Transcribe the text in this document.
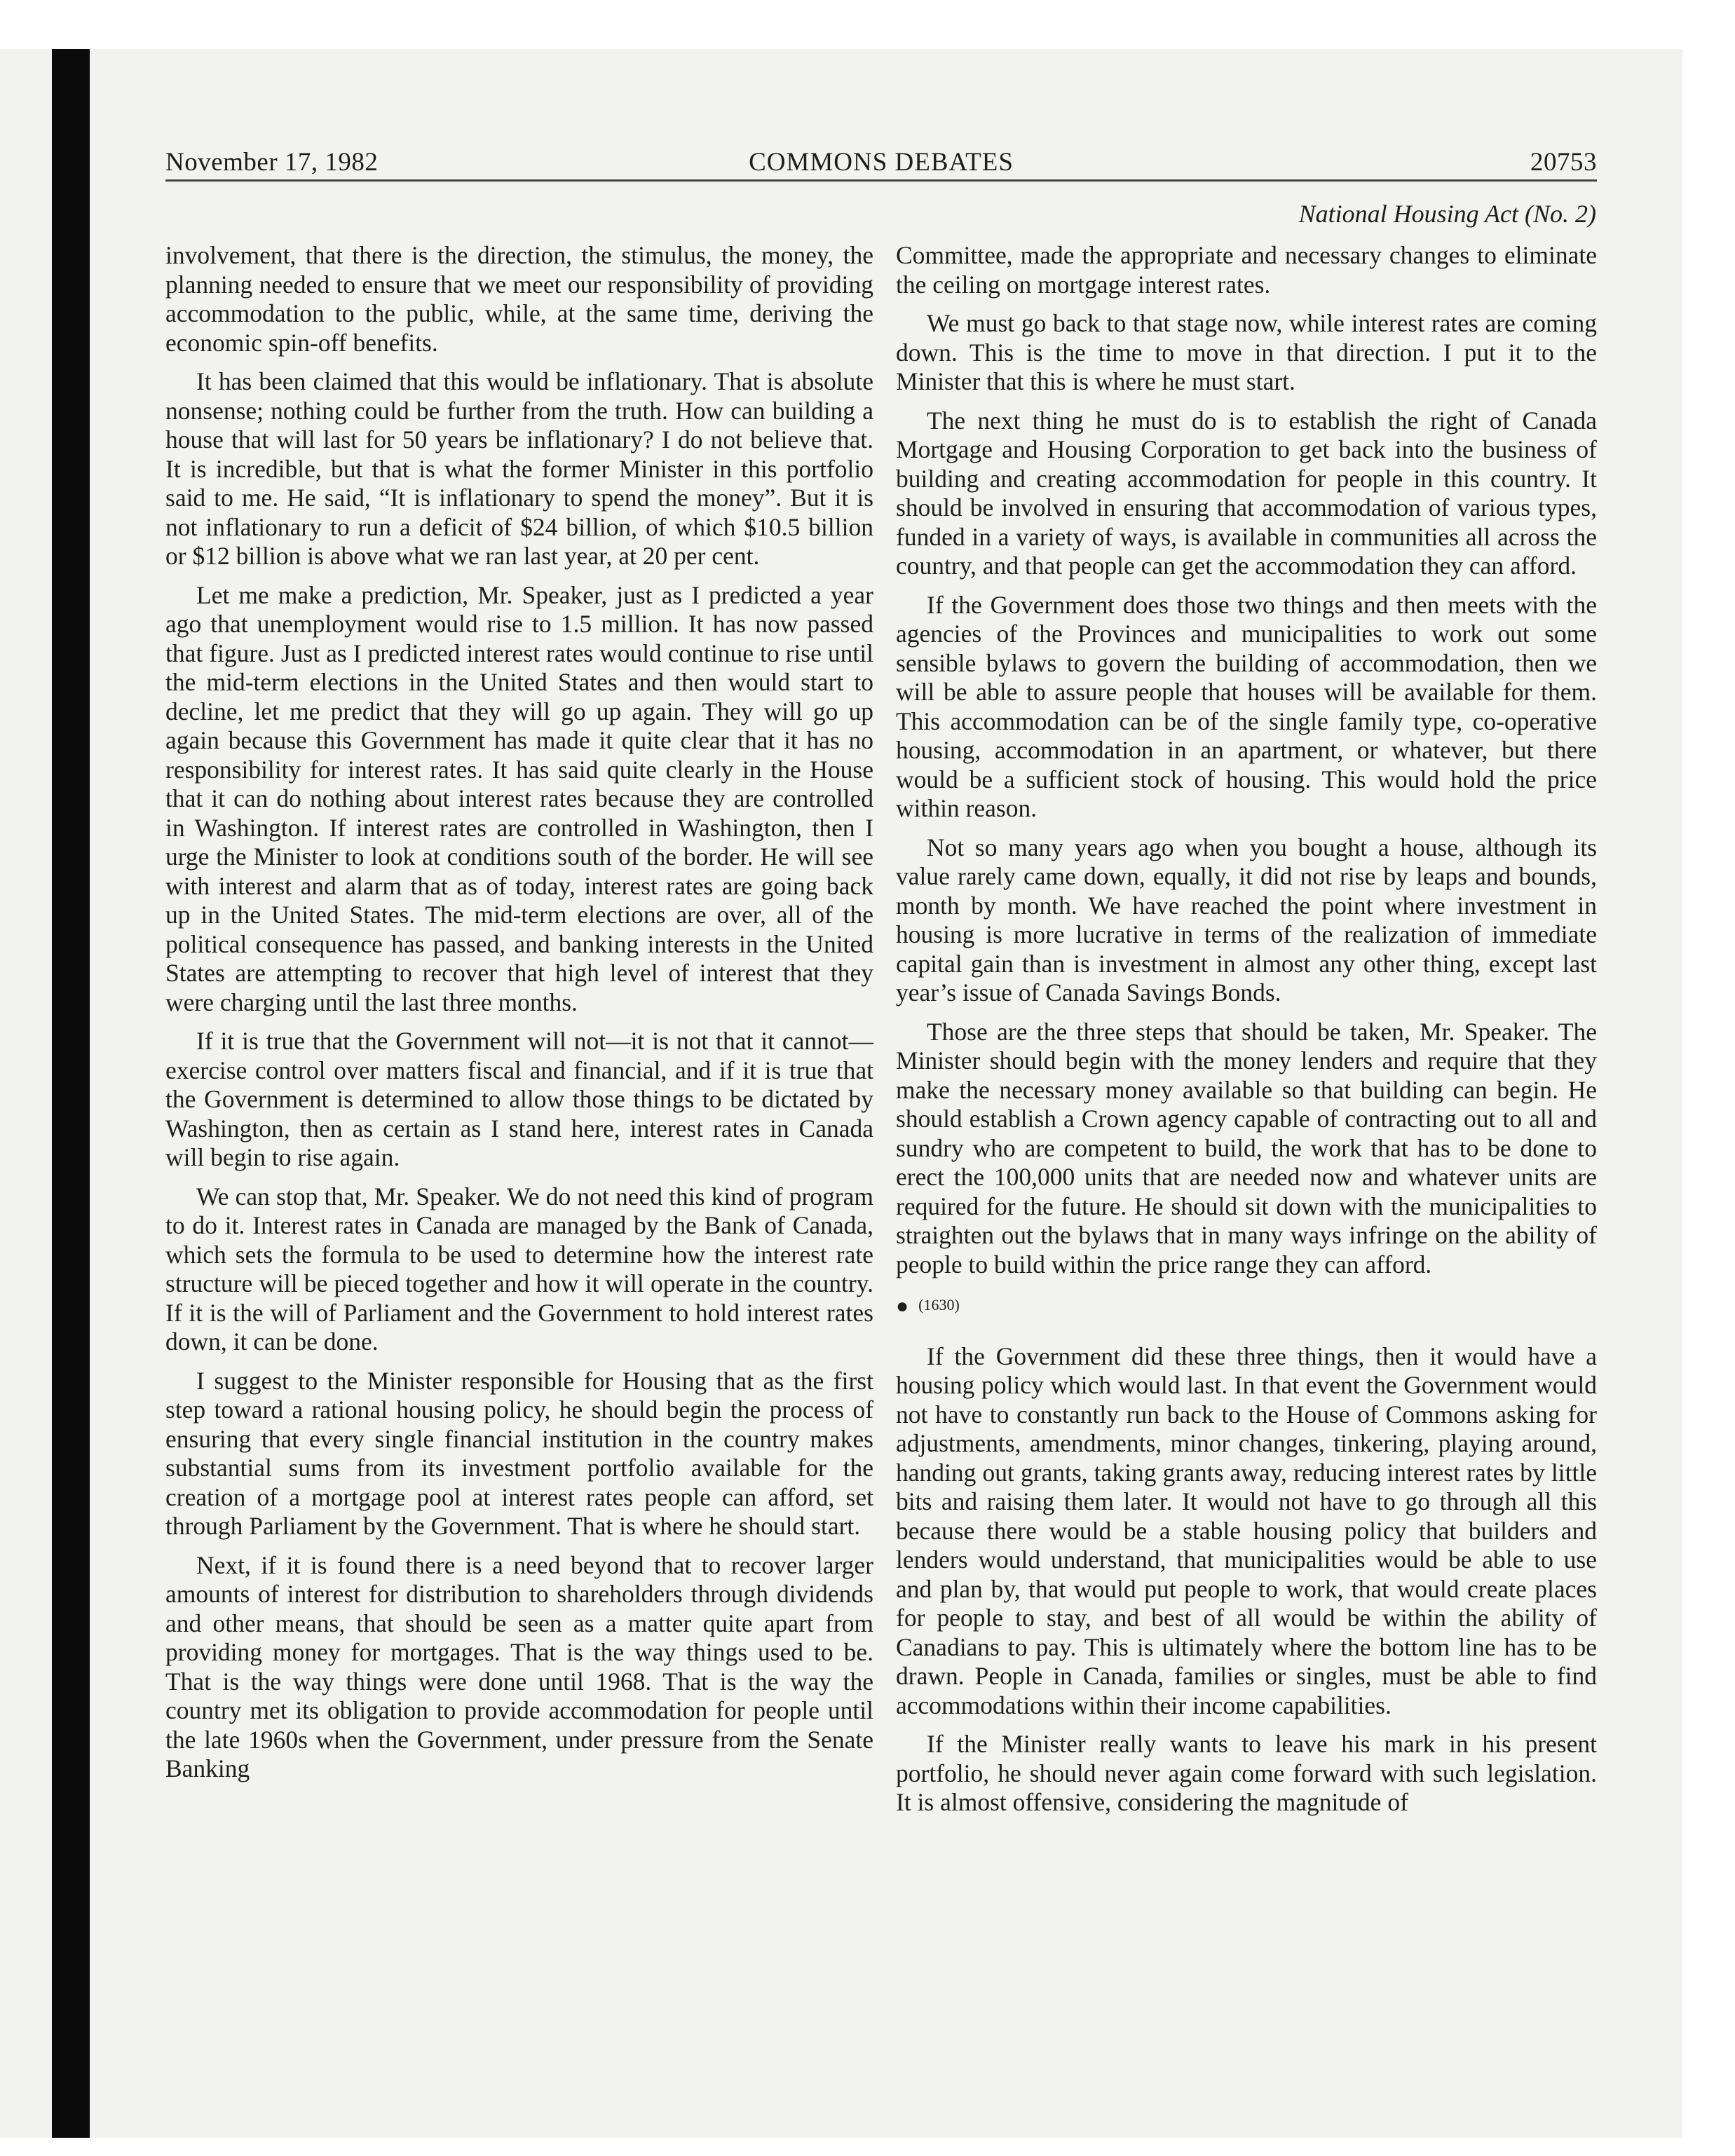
November 17, 1982	COMMONS DEBATES	20753
National Housing Act (No. 2)

involvement, that there is the direction, the stimulus, the money, the planning needed to ensure that we meet our responsibility of providing accommodation to the public, while, at the same time, deriving the economic spin-off benefits.

It has been claimed that this would be inflationary. That is absolute nonsense; nothing could be further from the truth. How can building a house that will last for 50 years be inflationary? I do not believe that. It is incredible, but that is what the former Minister in this portfolio said to me. He said, “It is inflationary to spend the money”. But it is not inflationary to run a deficit of $24 billion, of which $10.5 billion or $12 billion is above what we ran last year, at 20 per cent.

Let me make a prediction, Mr. Speaker, just as I predicted a year ago that unemployment would rise to 1.5 million. It has now passed that figure. Just as I predicted interest rates would continue to rise until the mid-term elections in the United States and then would start to decline, let me predict that they will go up again. They will go up again because this Government has made it quite clear that it has no responsibility for interest rates. It has said quite clearly in the House that it can do nothing about interest rates because they are controlled in Washington. If interest rates are controlled in Washington, then I urge the Minister to look at conditions south of the border. He will see with interest and alarm that as of today, interest rates are going back up in the United States. The mid-term elections are over, all of the political consequence has passed, and banking interests in the United States are attempting to recover that high level of interest that they were charging until the last three months.

If it is true that the Government will not—it is not that it cannot—exercise control over matters fiscal and financial, and if it is true that the Government is determined to allow those things to be dictated by Washington, then as certain as I stand here, interest rates in Canada will begin to rise again.

We can stop that, Mr. Speaker. We do not need this kind of program to do it. Interest rates in Canada are managed by the Bank of Canada, which sets the formula to be used to determine how the interest rate structure will be pieced together and how it will operate in the country. If it is the will of Parliament and the Government to hold interest rates down, it can be done.

I suggest to the Minister responsible for Housing that as the first step toward a rational housing policy, he should begin the process of ensuring that every single financial institution in the country makes substantial sums from its investment portfolio available for the creation of a mortgage pool at interest rates people can afford, set through Parliament by the Government. That is where he should start.

Next, if it is found there is a need beyond that to recover larger amounts of interest for distribution to shareholders through dividends and other means, that should be seen as a matter quite apart from providing money for mortgages. That is the way things used to be. That is the way things were done until 1968. That is the way the country met its obligation to provide accommodation for people until the late 1960s when the Government, under pressure from the Senate Banking

Committee, made the appropriate and necessary changes to eliminate the ceiling on mortgage interest rates.

We must go back to that stage now, while interest rates are coming down. This is the time to move in that direction. I put it to the Minister that this is where he must start.

The next thing he must do is to establish the right of Canada Mortgage and Housing Corporation to get back into the business of building and creating accommodation for people in this country. It should be involved in ensuring that accommodation of various types, funded in a variety of ways, is available in communities all across the country, and that people can get the accommodation they can afford.

If the Government does those two things and then meets with the agencies of the Provinces and municipalities to work out some sensible bylaws to govern the building of accommodation, then we will be able to assure people that houses will be available for them. This accommodation can be of the single family type, co-operative housing, accommodation in an apartment, or whatever, but there would be a sufficient stock of housing. This would hold the price within reason.

Not so many years ago when you bought a house, although its value rarely came down, equally, it did not rise by leaps and bounds, month by month. We have reached the point where investment in housing is more lucrative in terms of the realization of immediate capital gain than is investment in almost any other thing, except last year’s issue of Canada Savings Bonds.

Those are the three steps that should be taken, Mr. Speaker. The Minister should begin with the money lenders and require that they make the necessary money available so that building can begin. He should establish a Crown agency capable of contracting out to all and sundry who are competent to build, the work that has to be done to erect the 100,000 units that are needed now and whatever units are required for the future. He should sit down with the municipalities to straighten out the bylaws that in many ways infringe on the ability of people to build within the price range they can afford.

● (1630)

If the Government did these three things, then it would have a housing policy which would last. In that event the Government would not have to constantly run back to the House of Commons asking for adjustments, amendments, minor changes, tinkering, playing around, handing out grants, taking grants away, reducing interest rates by little bits and raising them later. It would not have to go through all this because there would be a stable housing policy that builders and lenders would understand, that municipalities would be able to use and plan by, that would put people to work, that would create places for people to stay, and best of all would be within the ability of Canadians to pay. This is ultimately where the bottom line has to be drawn. People in Canada, families or singles, must be able to find accommodations within their income capabilities.

If the Minister really wants to leave his mark in his present portfolio, he should never again come forward with such legislation. It is almost offensive, considering the magnitude of
